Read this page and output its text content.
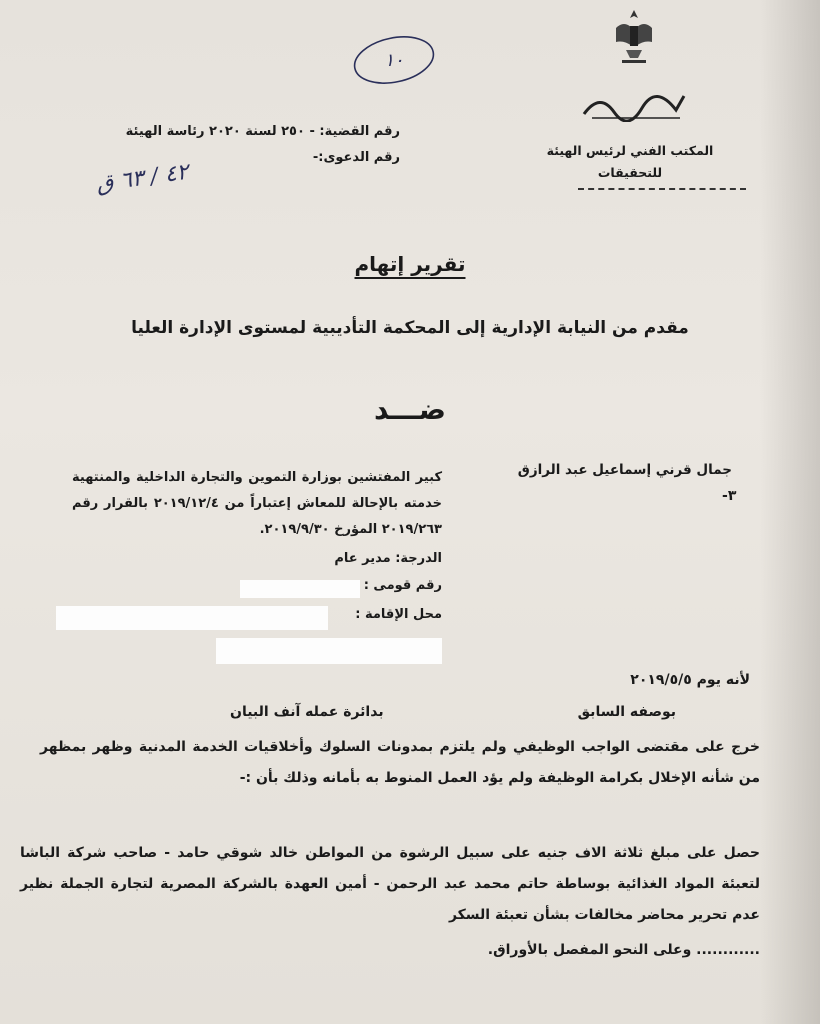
المكتب الفني لرئيس الهيئة
للتحقيقات
رقم القضية: - ٢٥٠ لسنة ٢٠٢٠ رئاسة الهيئة
رقم الدعوى:-
٤٢ / ٦٣ ق
١٠
تقرير إتهام
مقدم من النيابة الإدارية إلى المحكمة التأديبية لمستوى الإدارة العليا
ضـــد
جمال قرني إسماعيل عبد الرازق
٣-
كبير المفتشين بوزارة التموين والتجارة الداخلية والمنتهية خدمته بالإحالة للمعاش إعتباراً من ٢٠١٩/١٢/٤ بالقرار رقم ٢٠١٩/٢٦٣ المؤرخ ٢٠١٩/٩/٣٠.
الدرجة: مدير عام
رقم قومى :
محل الإقامة :
لأنه يوم ٢٠١٩/٥/٥
بوصفه السابق
بدائرة عمله آنف البيان
خرج على مقتضى الواجب الوظيفي ولم يلتزم بمدونات السلوك وأخلاقيات الخدمة المدنية وظهر بمظهر من شأنه الإخلال بكرامة الوظيفة ولم يؤد العمل المنوط به بأمانه وذلك بأن :-
حصل على مبلغ ثلاثة الاف جنيه على سبيل الرشوة من المواطن خالد شوقي حامد - صاحب شركة الباشا لتعبئة المواد الغذائية بوساطة حاتم محمد عبد الرحمن - أمين العهدة بالشركة المصرية لتجارة الجملة نظير عدم تحرير محاضر مخالفات بشأن تعبئة السكر
............ وعلى النحو المفصل بالأوراق.
